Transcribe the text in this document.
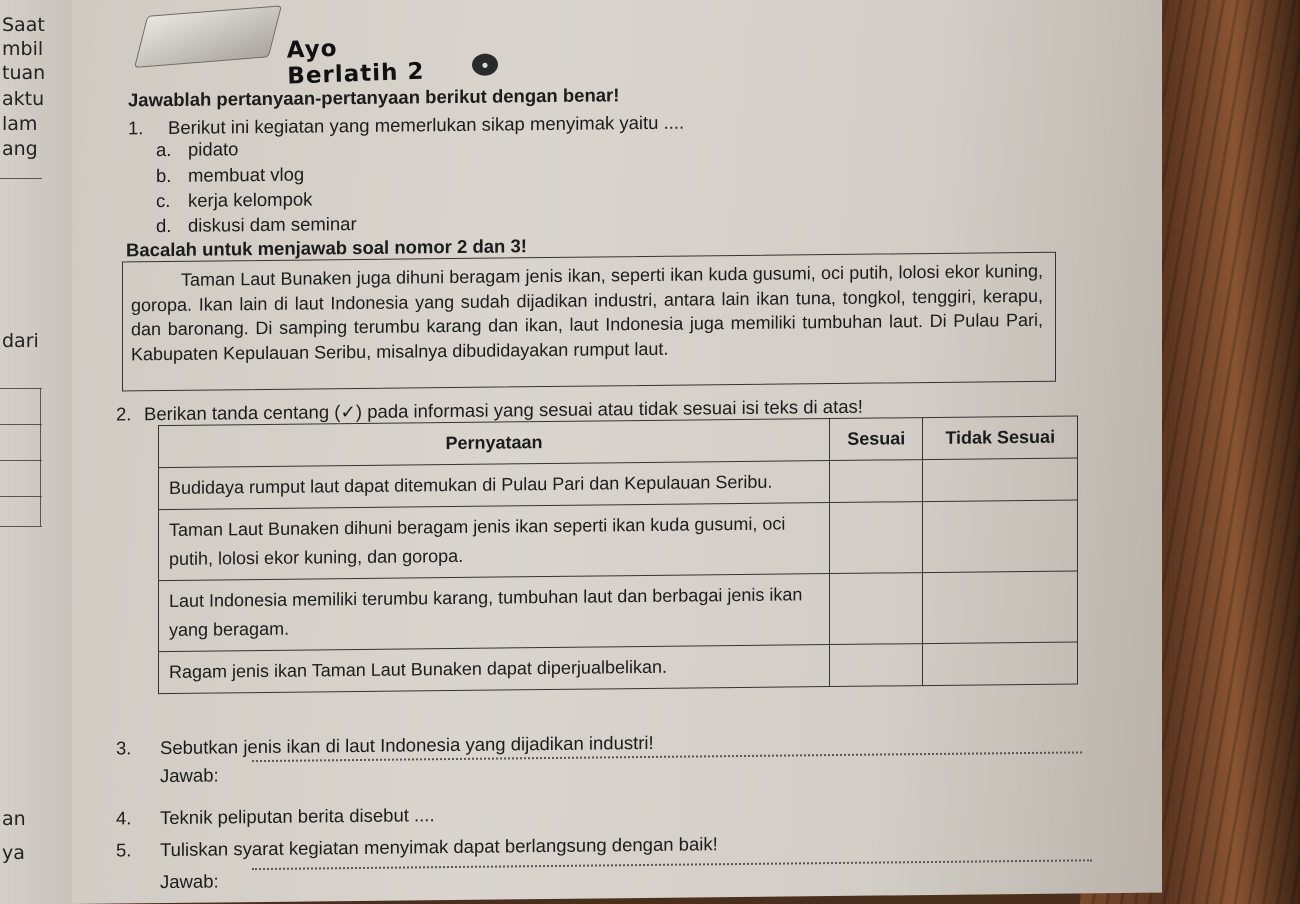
Saat
mbil
tuan
aktu
lam
ang
dari
an
ya
Ayo Berlatih 2	●
Jawablah pertanyaan-pertanyaan berikut dengan benar!
1. Berikut ini kegiatan yang memerlukan sikap menyimak yaitu ....
a. pidato
b. membuat vlog
c. kerja kelompok
d. diskusi dam seminar
Bacalah untuk menjawab soal nomor 2 dan 3!

Taman Laut Bunaken juga dihuni beragam jenis ikan, seperti ikan kuda gusumi, oci putih, lolosi ekor kuning, goropa. Ikan lain di laut Indonesia yang sudah dijadikan industri, antara lain ikan tuna, tongkol, tenggiri, kerapu, dan baronang. Di samping terumbu karang dan ikan, laut Indonesia juga memiliki tumbuhan laut. Di Pulau Pari, Kabupaten Kepulauan Seribu, misalnya dibudidayakan rumput laut.

2. Berikan tanda centang (✓) pada informasi yang sesuai atau tidak sesuai isi teks di atas!
Pernyataan	Sesuai	Tidak Sesuai
Budidaya rumput laut dapat ditemukan di Pulau Pari dan Kepulauan Seribu.		
Taman Laut Bunaken dihuni beragam jenis ikan seperti ikan kuda gusumi, oci putih, lolosi ekor kuning, dan goropa.		
Laut Indonesia memiliki terumbu karang, tumbuhan laut dan berbagai jenis ikan yang beragam.		
Ragam jenis ikan Taman Laut Bunaken dapat diperjualbelikan.		
3. Sebutkan jenis ikan di laut Indonesia yang dijadikan industri!
Jawab:
4. Teknik peliputan berita disebut ....
5. Tuliskan syarat kegiatan menyimak dapat berlangsung dengan baik!
Jawab:
